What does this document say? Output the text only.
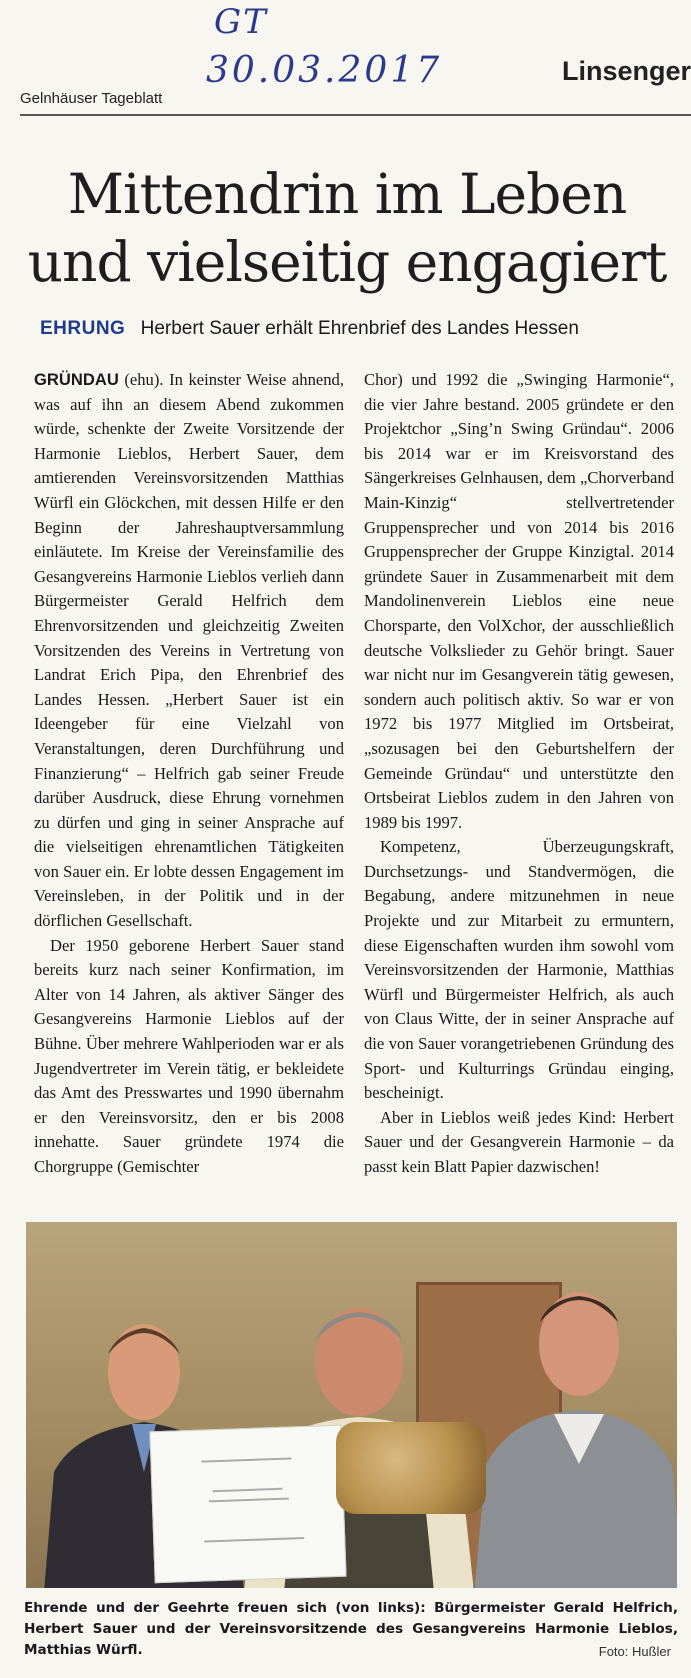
GT
30.03.2017
Gelnhäuser Tageblatt
Linsenger
Mittendrin im Leben
und vielseitig engagiert
EHRUNG Herbert Sauer erhält Ehrenbrief des Landes Hessen

GRÜNDAU (ehu). In keinster Weise ahnend, was auf ihn an diesem Abend zukommen würde, schenkte der Zweite Vorsitzende der Harmonie Lieblos, Herbert Sauer, dem amtierenden Vereinsvorsitzenden Matthias Würfl ein Glöckchen, mit dessen Hilfe er den Beginn der Jahreshauptversammlung einläutete. Im Kreise der Vereinsfamilie des Gesangvereins Harmonie Lieblos verlieh dann Bürgermeister Gerald Helfrich dem Ehrenvorsitzenden und gleichzeitig Zweiten Vorsitzenden des Vereins in Vertretung von Landrat Erich Pipa, den Ehrenbrief des Landes Hessen. „Herbert Sauer ist ein Ideengeber für eine Vielzahl von Veranstaltungen, deren Durchführung und Finanzierung“ – Helfrich gab seiner Freude darüber Ausdruck, diese Ehrung vornehmen zu dürfen und ging in seiner Ansprache auf die vielseitigen ehrenamtlichen Tätigkeiten von Sauer ein. Er lobte dessen Engagement im Vereinsleben, in der Politik und in der dörflichen Gesellschaft.

Der 1950 geborene Herbert Sauer stand bereits kurz nach seiner Konfirmation, im Alter von 14 Jahren, als aktiver Sänger des Gesangvereins Harmonie Lieblos auf der Bühne. Über mehrere Wahlperioden war er als Jugendvertreter im Verein tätig, er bekleidete das Amt des Presswartes und 1990 übernahm er den Vereinsvorsitz, den er bis 2008 innehatte. Sauer gründete 1974 die Chorgruppe (Gemischter

Chor) und 1992 die „Swinging Harmonie“, die vier Jahre bestand. 2005 gründete er den Projektchor „Sing’n Swing Gründau“. 2006 bis 2014 war er im Kreisvorstand des Sängerkreises Gelnhausen, dem „Chorverband Main-Kinzig“ stellvertretender Gruppensprecher und von 2014 bis 2016 Gruppensprecher der Gruppe Kinzigtal. 2014 gründete Sauer in Zusammenarbeit mit dem Mandolinenverein Lieblos eine neue Chorsparte, den VolXchor, der ausschließlich deutsche Volkslieder zu Gehör bringt. Sauer war nicht nur im Gesangverein tätig gewesen, sondern auch politisch aktiv. So war er von 1972 bis 1977 Mitglied im Ortsbeirat, „sozusagen bei den Geburtshelfern der Gemeinde Gründau“ und unterstützte den Ortsbeirat Lieblos zudem in den Jahren von 1989 bis 1997.

Kompetenz, Überzeugungskraft, Durchsetzungs- und Standvermögen, die Begabung, andere mitzunehmen in neue Projekte und zur Mitarbeit zu ermuntern, diese Eigenschaften wurden ihm sowohl vom Vereinsvorsitzenden der Harmonie, Matthias Würfl und Bürgermeister Helfrich, als auch von Claus Witte, der in seiner Ansprache auf die von Sauer vorangetriebenen Gründung des Sport- und Kulturrings Gründau einging, bescheinigt.

Aber in Lieblos weiß jedes Kind: Herbert Sauer und der Gesangverein Harmonie – da passt kein Blatt Papier dazwischen!

Ehrende und der Geehrte freuen sich (von links): Bürgermeister Gerald Helfrich, Herbert Sauer und der Vereinsvorsitzende des Gesangvereins Harmonie Lieblos, Matthias Würfl.	Foto: Hußler
